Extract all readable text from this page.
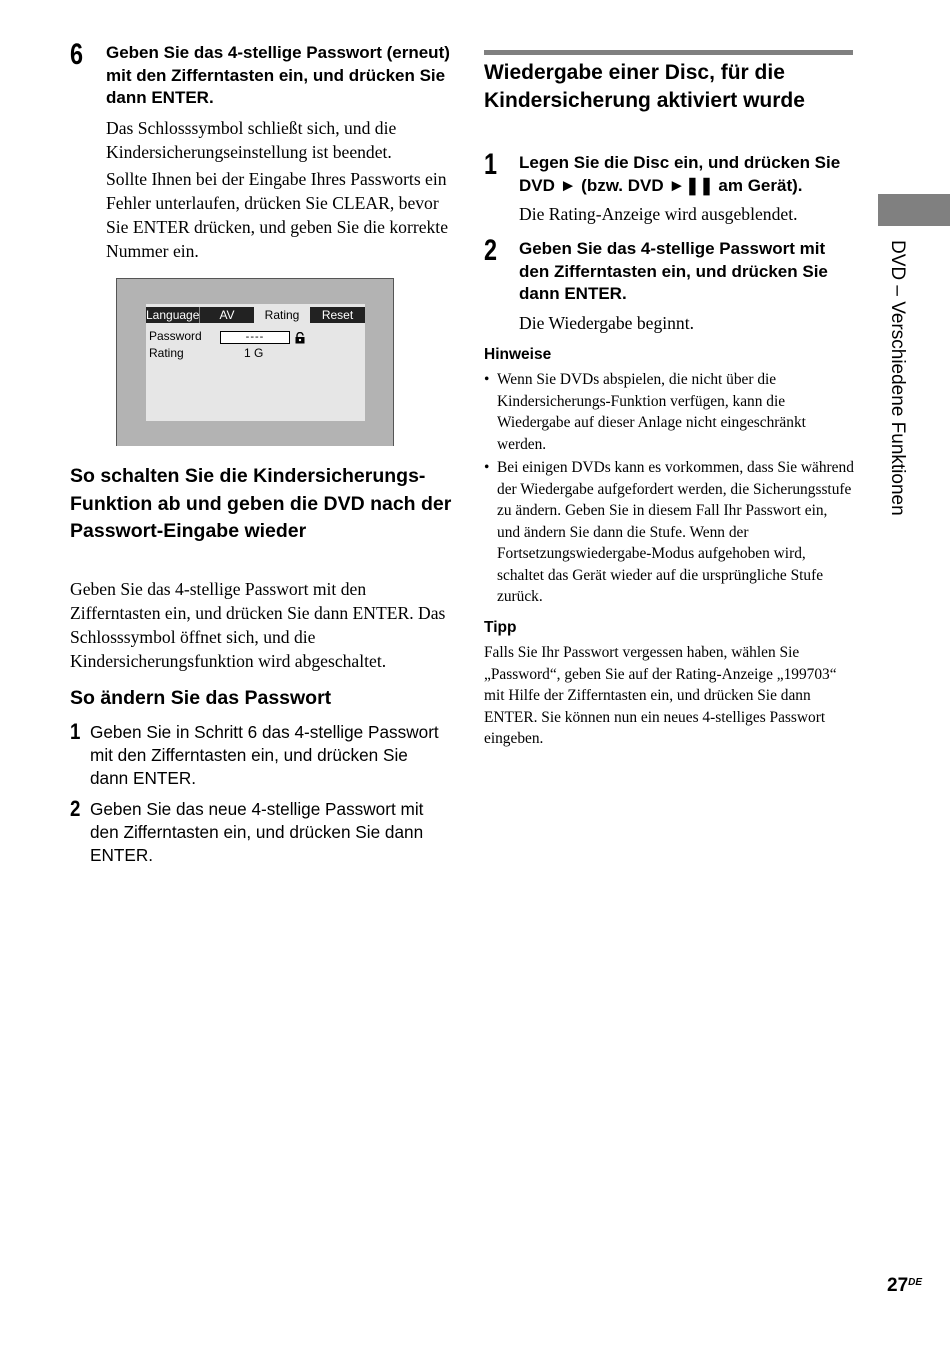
6 Geben Sie das 4-stellige Passwort (erneut) mit den Zifferntasten ein, und drücken Sie dann ENTER.
Das Schlosssymbol schließt sich, und die Kindersicherungseinstellung ist beendet.
Sollte Ihnen bei der Eingabe Ihres Passworts ein Fehler unterlaufen, drücken Sie CLEAR, bevor Sie ENTER drücken, und geben Sie die korrekte Nummer ein.
Language	AV	Rating	Reset
Password	----
Rating	1 G
So schalten Sie die Kindersicherungs-Funktion ab und geben die DVD nach der Passwort-Eingabe wieder
Geben Sie das 4-stellige Passwort mit den Zifferntasten ein, und drücken Sie dann ENTER. Das Schlosssymbol öffnet sich, und die Kindersicherungsfunktion wird abgeschaltet.
So ändern Sie das Passwort
1 Geben Sie in Schritt 6 das 4-stellige Passwort mit den Zifferntasten ein, und drücken Sie dann ENTER.
2 Geben Sie das neue 4-stellige Passwort mit den Zifferntasten ein, und drücken Sie dann ENTER.
Wiedergabe einer Disc, für die Kindersicherung aktiviert wurde
1 Legen Sie die Disc ein, und drücken Sie DVD ► (bzw. DVD ►❚❚ am Gerät).
Die Rating-Anzeige wird ausgeblendet.
2 Geben Sie das 4-stellige Passwort mit den Zifferntasten ein, und drücken Sie dann ENTER.
Die Wiedergabe beginnt.
Hinweise
• Wenn Sie DVDs abspielen, die nicht über die Kindersicherungs-Funktion verfügen, kann die Wiedergabe auf dieser Anlage nicht eingeschränkt werden.
• Bei einigen DVDs kann es vorkommen, dass Sie während der Wiedergabe aufgefordert werden, die Sicherungsstufe zu ändern. Geben Sie in diesem Fall Ihr Passwort ein, und ändern Sie dann die Stufe. Wenn der Fortsetzungswiedergabe-Modus aufgehoben wird, schaltet das Gerät wieder auf die ursprüngliche Stufe zurück.
Tipp
Falls Sie Ihr Passwort vergessen haben, wählen Sie „Password“, geben Sie auf der Rating-Anzeige „199703“ mit Hilfe der Zifferntasten ein, und drücken Sie dann ENTER. Sie können nun ein neues 4-stelliges Passwort eingeben.
DVD – Verschiedene Funktionen
27DE
